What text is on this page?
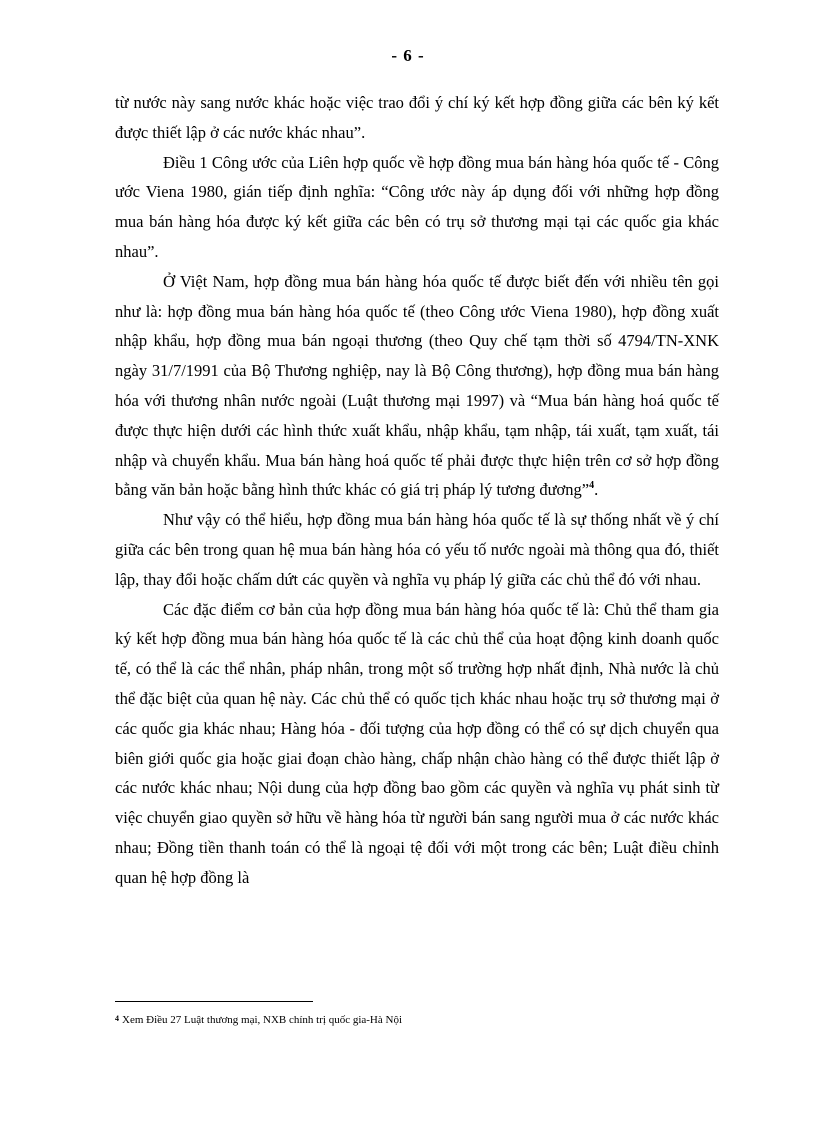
- 6 -

từ nước này sang nước khác hoặc việc trao đổi ý chí ký kết hợp đồng giữa các bên ký kết được thiết lập ở các nước khác nhau”.

Điều 1 Công ước của Liên hợp quốc về hợp đồng mua bán hàng hóa quốc tế - Công ước Viena 1980, gián tiếp định nghĩa: “Công ước này áp dụng đối với những hợp đồng mua bán hàng hóa được ký kết giữa các bên có trụ sở thương mại tại các quốc gia khác nhau”.

Ở Việt Nam, hợp đồng mua bán hàng hóa quốc tế được biết đến với nhiều tên gọi như là: hợp đồng mua bán hàng hóa quốc tế (theo Công ước Viena 1980), hợp đồng xuất nhập khẩu, hợp đồng mua bán ngoại thương (theo Quy chế tạm thời số 4794/TN-XNK ngày 31/7/1991 của Bộ Thương nghiệp, nay là Bộ Công thương), hợp đồng mua bán hàng hóa với thương nhân nước ngoài (Luật thương mại 1997) và “Mua bán hàng hoá quốc tế được thực hiện dưới các hình thức xuất khẩu, nhập khẩu, tạm nhập, tái xuất, tạm xuất, tái nhập và chuyển khẩu. Mua bán hàng hoá quốc tế phải được thực hiện trên cơ sở hợp đồng bằng văn bản hoặc bằng hình thức khác có giá trị pháp lý tương đương”$^4$.

Như vậy có thể hiểu, hợp đồng mua bán hàng hóa quốc tế là sự thống nhất về ý chí giữa các bên trong quan hệ mua bán hàng hóa có yếu tố nước ngoài mà thông qua đó, thiết lập, thay đổi hoặc chấm dứt các quyền và nghĩa vụ pháp lý giữa các chủ thể đó với nhau.

Các đặc điểm cơ bản của hợp đồng mua bán hàng hóa quốc tế là: Chủ thể tham gia ký kết hợp đồng mua bán hàng hóa quốc tế là các chủ thể của hoạt động kinh doanh quốc tế, có thể là các thể nhân, pháp nhân, trong một số trường hợp nhất định, Nhà nước là chủ thể đặc biệt của quan hệ này. Các chủ thể có quốc tịch khác nhau hoặc trụ sở thương mại ở các quốc gia khác nhau; Hàng hóa - đối tượng của hợp đồng có thể có sự dịch chuyển qua biên giới quốc gia hoặc giai đoạn chào hàng, chấp nhận chào hàng có thể được thiết lập ở các nước khác nhau; Nội dung của hợp đồng bao gồm các quyền và nghĩa vụ phát sinh từ việc chuyển giao quyền sở hữu về hàng hóa từ người bán sang người mua ở các nước khác nhau; Đồng tiền thanh toán có thể là ngoại tệ đối với một trong các bên; Luật điều chỉnh quan hệ hợp đồng là

4 Xem Điều 27 Luật thương mại, NXB chính trị quốc gia-Hà Nội
